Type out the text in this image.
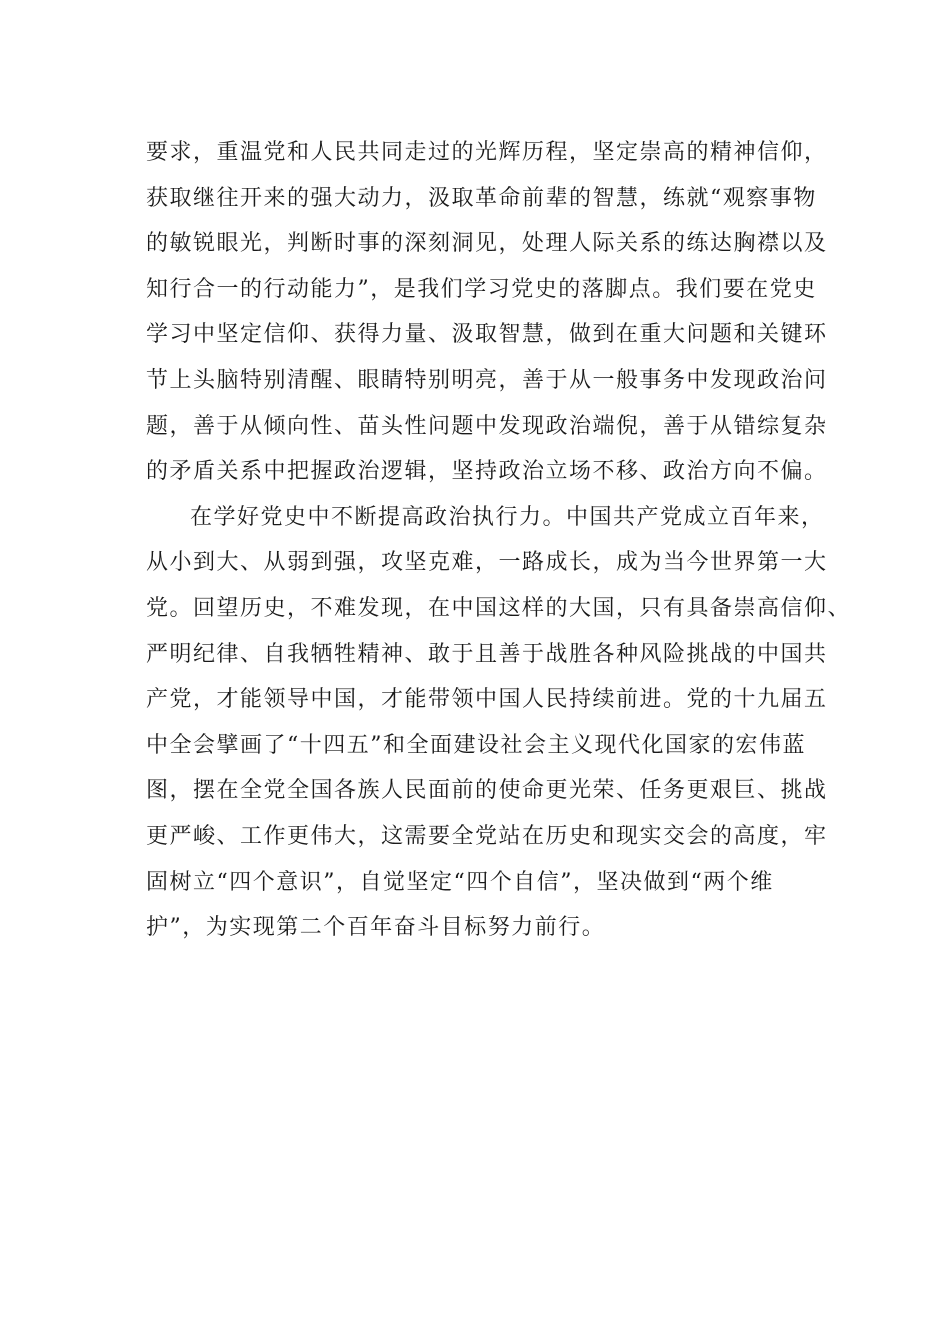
要求，重温党和人民共同走过的光辉历程，坚定崇高的精神信仰，
获取继往开来的强大动力，汲取革命前辈的智慧，练就“观察事物
的敏锐眼光，判断时事的深刻洞见，处理人际关系的练达胸襟以及
知行合一的行动能力”，是我们学习党史的落脚点。我们要在党史
学习中坚定信仰、获得力量、汲取智慧，做到在重大问题和关键环
节上头脑特别清醒、眼睛特别明亮，善于从一般事务中发现政治问
题，善于从倾向性、苗头性问题中发现政治端倪，善于从错综复杂
的矛盾关系中把握政治逻辑，坚持政治立场不移、政治方向不偏。
在学好党史中不断提高政治执行力。中国共产党成立百年来，
从小到大、从弱到强，攻坚克难，一路成长，成为当今世界第一大
党。回望历史，不难发现，在中国这样的大国，只有具备崇高信仰、
严明纪律、自我牺牲精神、敢于且善于战胜各种风险挑战的中国共
产党，才能领导中国，才能带领中国人民持续前进。党的十九届五
中全会擘画了“十四五”和全面建设社会主义现代化国家的宏伟蓝
图，摆在全党全国各族人民面前的使命更光荣、任务更艰巨、挑战
更严峻、工作更伟大，这需要全党站在历史和现实交会的高度，牢
固树立“四个意识”，自觉坚定“四个自信”，坚决做到“两个维
护”，为实现第二个百年奋斗目标努力前行。
